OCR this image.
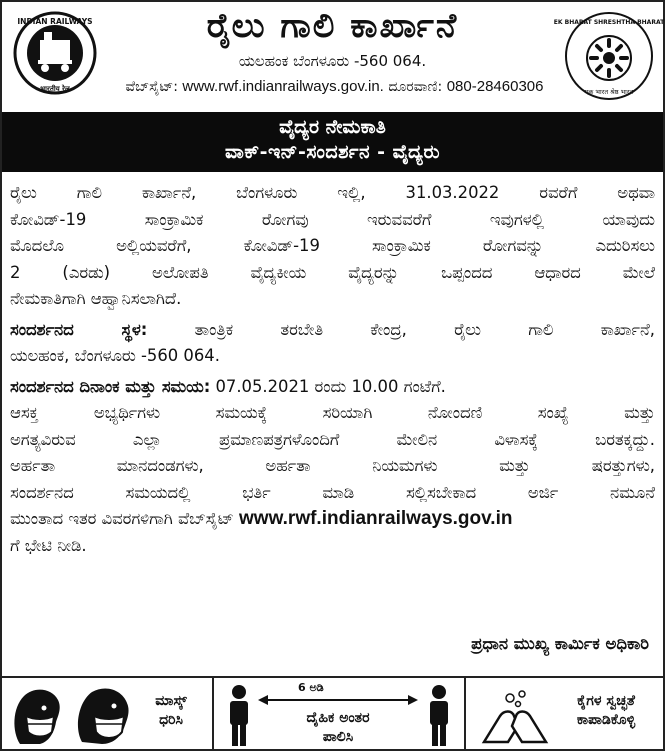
INDIAN RAILWAYS
भारतीय रेल
ರೈಲು ಗಾಲಿ ಕಾರ್ಖಾನೆ
ಯಲಹಂಕ ಬೆಂಗಳೂರು -560 064.
ವೆಬ್‌ಸೈಟ್: www.rwf.indianrailways.gov.in. ದೂರವಾಣಿ: 080-28460306
EK BHARAT SHRESHTHA BHARAT
एक भारत श्रेष्ठ भारत
ವೈದ್ಯರ ನೇಮಕಾತಿ
ವಾಕ್-ಇನ್-ಸಂದರ್ಶನ - ವೈದ್ಯರು
ರೈಲು ಗಾಲಿ ಕಾರ್ಖಾನೆ, ಬೆಂಗಳೂರು ಇಲ್ಲಿ, 31.03.2022 ರವರೆಗೆ ಅಥವಾ
ಕೋವಿಡ್-19 ಸಾಂಕ್ರಾಮಿಕ ರೋಗವು ಇರುವವರೆಗೆ ಇವುಗಳಲ್ಲಿ ಯಾವುದು
ಮೊದಲೊ ಅಲ್ಲಿಯವರೆಗೆ, ಕೋವಿಡ್-19 ಸಾಂಕ್ರಾಮಿಕ ರೋಗವನ್ನು ಎದುರಿಸಲು
2 (ಎರಡು) ಅಲೋಪತಿ ವೈದ್ಯಕೀಯ ವೈದ್ಯರನ್ನು ಒಪ್ಪಂದದ ಆಧಾರದ ಮೇಲೆ
ನೇಮಕಾತಿಗಾಗಿ ಆಹ್ವಾನಿಸಲಾಗಿದೆ.
ಸಂದರ್ಶನದ ಸ್ಥಳ:	ತಾಂತ್ರಿಕ ತರಬೇತಿ ಕೇಂದ್ರ, ರೈಲು ಗಾಲಿ ಕಾರ್ಖಾನೆ,
ಯಲಹಂಕ, ಬೆಂಗಳೂರು -560 064.
ಸಂದರ್ಶನದ ದಿನಾಂಕ ಮತ್ತು ಸಮಯ: 07.05.2021 ರಂದು 10.00 ಗಂಟೆಗೆ.
ಆಸಕ್ತ ಅಭ್ಯರ್ಥಿಗಳು ಸಮಯಕ್ಕೆ ಸರಿಯಾಗಿ ನೋಂದಣಿ ಸಂಖ್ಯೆ ಮತ್ತು
ಅಗತ್ಯವಿರುವ ಎಲ್ಲಾ ಪ್ರಮಾಣಪತ್ರಗಳೊಂದಿಗೆ ಮೇಲಿನ ವಿಳಾಸಕ್ಕೆ ಬರತಕ್ಕದ್ದು.
ಅರ್ಹತಾ ಮಾನದಂಡಗಳು, ಅರ್ಹತಾ ನಿಯಮಗಳು ಮತ್ತು ಷರತ್ತುಗಳು,
ಸಂದರ್ಶನದ ಸಮಯದಲ್ಲಿ ಭರ್ತಿ ಮಾಡಿ ಸಲ್ಲಿಸಬೇಕಾದ ಅರ್ಜಿ ನಮೂನೆ
ಮುಂತಾದ ಇತರ ವಿವರಗಳಿಗಾಗಿ ವೆಬ್‌ಸೈಟ್ www.rwf.indianrailways.gov.in
ಗೆ ಭೇಟಿ ನೀಡಿ.
ಪ್ರಧಾನ ಮುಖ್ಯ ಕಾರ್ಮಿಕ ಅಧಿಕಾರಿ
ಮಾಸ್ಕ್
ಧರಿಸಿ
6 ಅಡಿ
ದೈಹಿಕ ಅಂತರ
ಪಾಲಿಸಿ
ಕೈಗಳ ಸ್ವಚ್ಛತೆ
ಕಾಪಾಡಿಕೊಳ್ಳಿ
